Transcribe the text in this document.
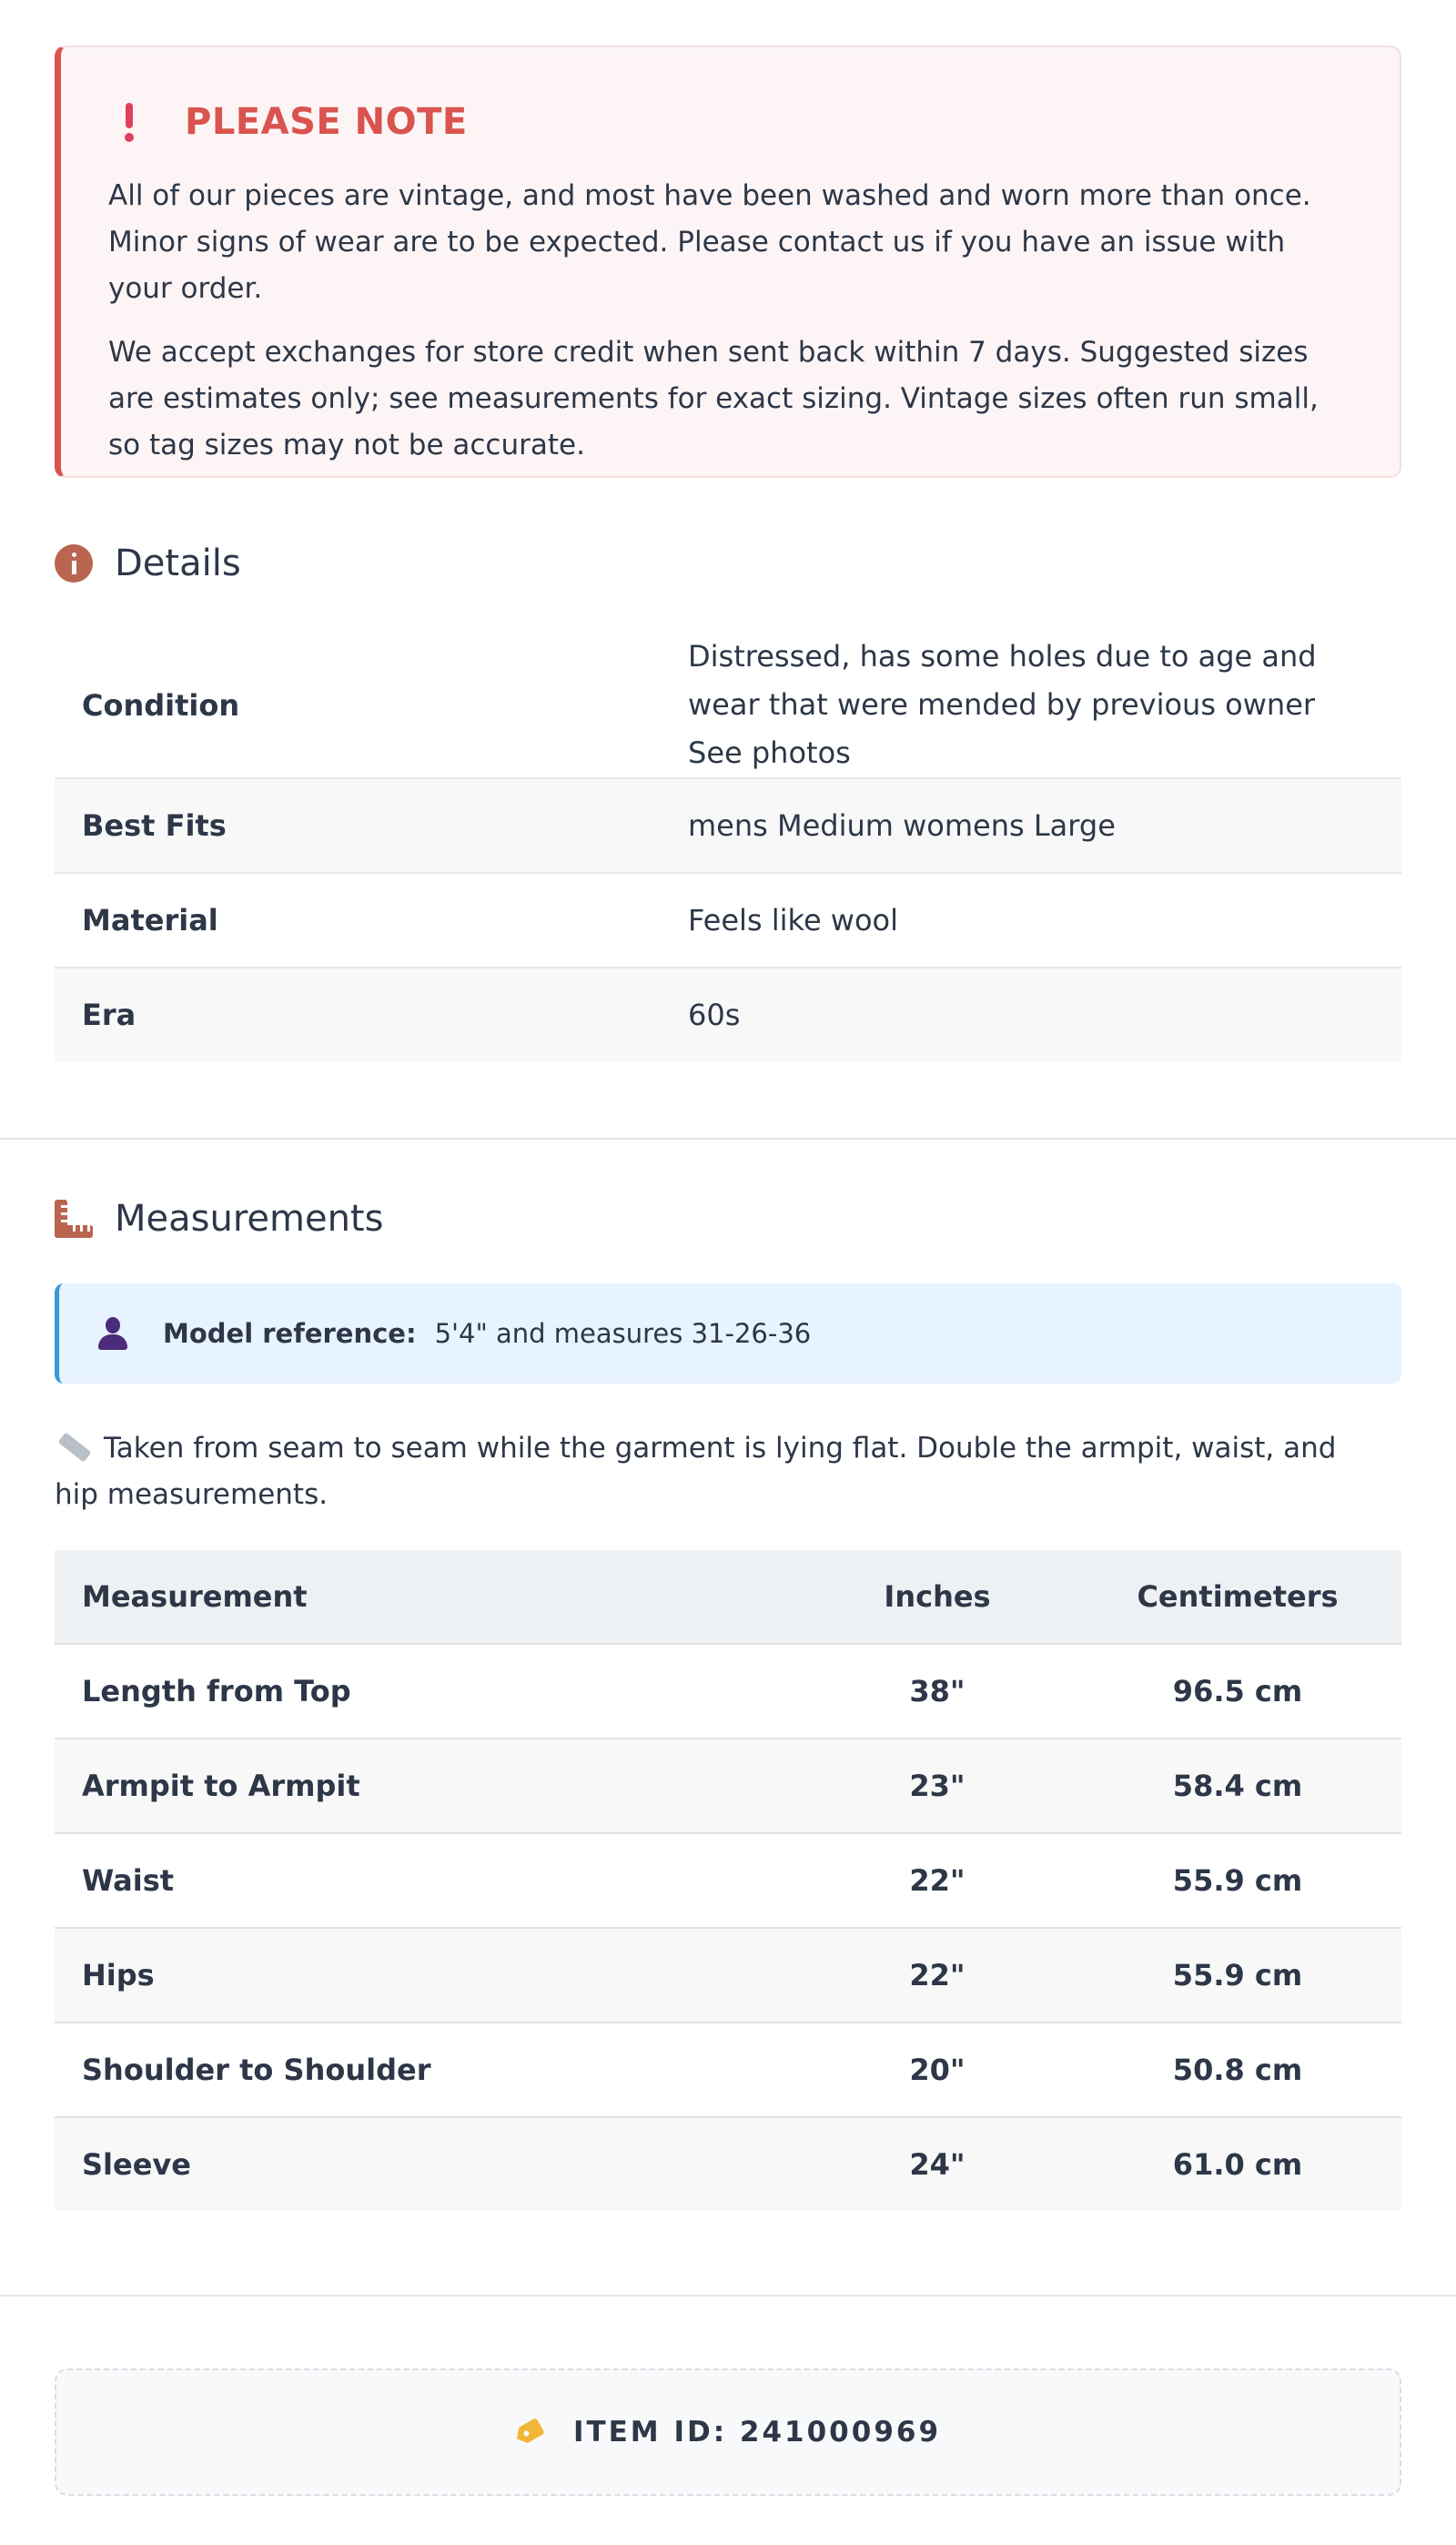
PLEASE NOTE

All of our pieces are vintage, and most have been washed and worn more than once. Minor signs of wear are to be expected. Please contact us if you have an issue with your order.

We accept exchanges for store credit when sent back within 7 days. Suggested sizes are estimates only; see measurements for exact sizing. Vintage sizes often run small, so tag sizes may not be accurate.

Details
Condition	Distressed, has some holes due to age and wear that were mended by previous owner See photos
Best Fits	mens Medium womens Large
Material	Feels like wool
Era	60s
Measurements
Model reference: 5'4" and measures 31-26-36
Taken from seam to seam while the garment is lying flat. Double the armpit, waist, and hip measurements.
Measurement	Inches	Centimeters
Length from Top	38"	96.5 cm
Armpit to Armpit	23"	58.4 cm
Waist	22"	55.9 cm
Hips	22"	55.9 cm
Shoulder to Shoulder	20"	50.8 cm
Sleeve	24"	61.0 cm
ITEM ID: 241000969
